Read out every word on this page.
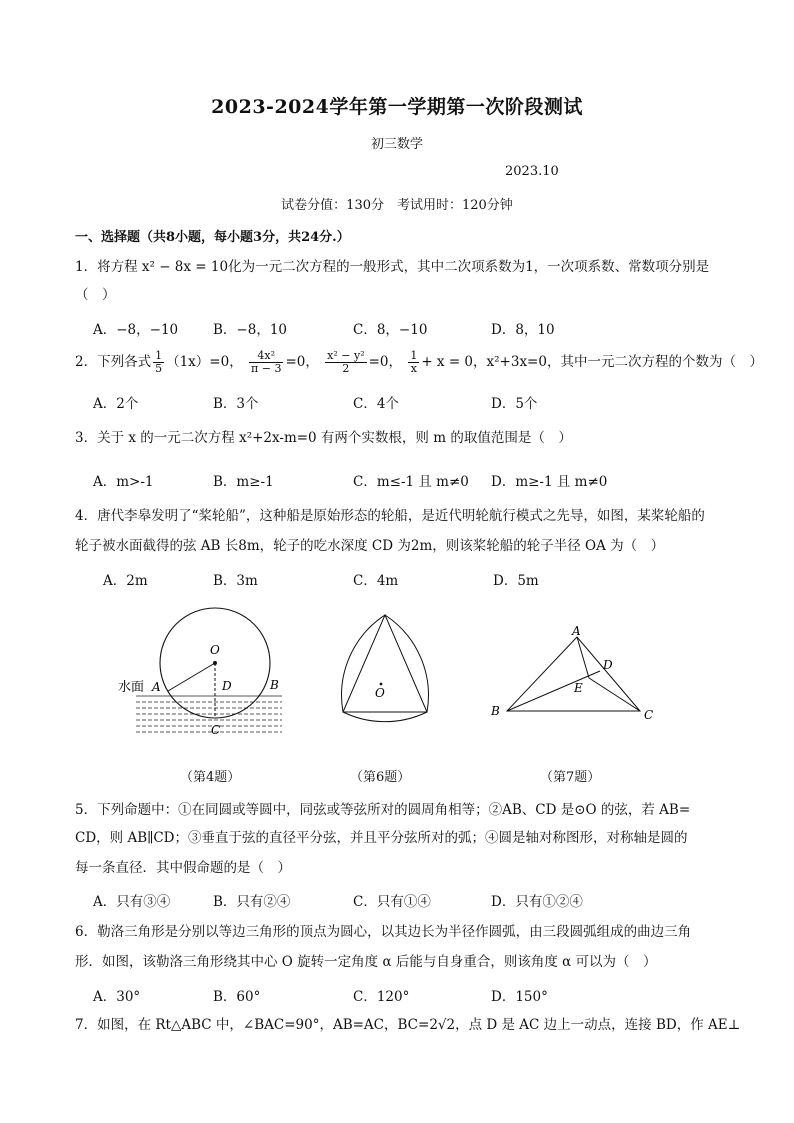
2023-2024学年第一学期第一次阶段测试
初三数学
2023.10
试卷分值：130分　考试用时：120分钟
一、选择题（共8小题，每小题3分，共24分.）
1．将方程 x² − 8x = 10化为一元二次方程的一般形式，其中二次项系数为1，一次项系数、常数项分别是
（　）
A．−8，−10	B．−8，10	C．8，−10	D．8，10
2．下列各式 $\frac{1}{5} (1x)=0$， $\frac{\text{4x²}}{\pi - 3} =0$， $\frac{\text{x² − y²}}{2} =0$， $\frac{1}{x} + x = 0$，x²+3x=0，其中一元二次方程的个数为（　）
A．2个	B．3个	C．4个	D．5个
3．关于 x 的一元二次方程 x²+2x-m=0 有两个实数根，则 m 的取值范围是（　）
A．m>-1	B．m≥-1	C．m≤-1 且 m≠0 D．m≥-1 且 m≠0
4．唐代李皋发明了“桨轮船”，这种船是原始形态的轮船，是近代明轮航行模式之先导，如图，某桨轮船的
轮子被水面截得的弦 AB 长8m，轮子的吃水深度 CD 为2m，则该桨轮船的轮子半径 OA 为（　）
A．2m	B．3m	C．4m	D．5m
水面
O
A	D	B
C
O
A
D
E
B	C
（第4题）	（第6题）	（第7题）
5．下列命题中：①在同圆或等圆中，同弦或等弦所对的圆周角相等；②AB、CD 是⊙O 的弦，若 AB=
CD，则 AB∥CD；③垂直于弦的直径平分弦，并且平分弦所对的弧；④圆是轴对称图形，对称轴是圆的
每一条直径．其中假命题的是（　）
A．只有③④	B．只有②④	C．只有①④	D．只有①②④
6．勒洛三角形是分别以等边三角形的顶点为圆心，以其边长为半径作圆弧，由三段圆弧组成的曲边三角
形．如图，该勒洛三角形绕其中心 O 旋转一定角度 α 后能与自身重合，则该角度 α 可以为（　）
A．30°	B．60°	C．120°	D．150°
7．如图，在 Rt△ABC 中，∠BAC=90°，AB=AC，BC=2√2，点 D 是 AC 边上一动点，连接 BD，作 AE⊥
